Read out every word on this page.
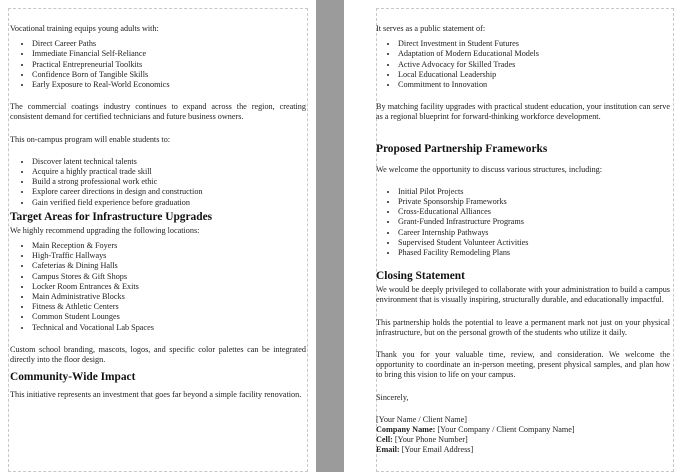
Vocational training equips young adults with:

• Direct Career Paths
• Immediate Financial Self-Reliance
• Practical Entrepreneurial Toolkits
• Confidence Born of Tangible Skills
• Early Exposure to Real-World Economics

The commercial coatings industry continues to expand across the region, creating consistent demand for certified technicians and future business owners.

This on-campus program will enable students to:

• Discover latent technical talents
• Acquire a highly practical trade skill
• Build a strong professional work ethic
• Explore career directions in design and construction
• Gain verified field experience before graduation
Target Areas for Infrastructure Upgrades

We highly recommend upgrading the following locations:

• Main Reception & Foyers
• High-Traffic Hallways
• Cafeterias & Dining Halls
• Campus Stores & Gift Shops
• Locker Room Entrances & Exits
• Main Administrative Blocks
• Fitness & Athletic Centers
• Common Student Lounges
• Technical and Vocational Lab Spaces

Custom school branding, mascots, logos, and specific color palettes can be integrated directly into the floor design.

Community-Wide Impact

This initiative represents an investment that goes far beyond a simple facility renovation.

It serves as a public statement of:

• Direct Investment in Student Futures
• Adaptation of Modern Educational Models
• Active Advocacy for Skilled Trades
• Local Educational Leadership
• Commitment to Innovation

By matching facility upgrades with practical student education, your institution can serve as a regional blueprint for forward-thinking workforce development.

Proposed Partnership Frameworks

We welcome the opportunity to discuss various structures, including:

• Initial Pilot Projects
• Private Sponsorship Frameworks
• Cross-Educational Alliances
• Grant-Funded Infrastructure Programs
• Career Internship Pathways
• Supervised Student Volunteer Activities
• Phased Facility Remodeling Plans
Closing Statement

We would be deeply privileged to collaborate with your administration to build a campus environment that is visually inspiring, structurally durable, and educationally impactful.

This partnership holds the potential to leave a permanent mark not just on your physical infrastructure, but on the personal growth of the students who utilize it daily.

Thank you for your valuable time, review, and consideration. We welcome the opportunity to coordinate an in-person meeting, present physical samples, and plan how to bring this vision to life on your campus.

Sincerely,

[Your Name / Client Name]
Company Name: [Your Company / Client Company Name]
Cell: [Your Phone Number]
Email: [Your Email Address]
